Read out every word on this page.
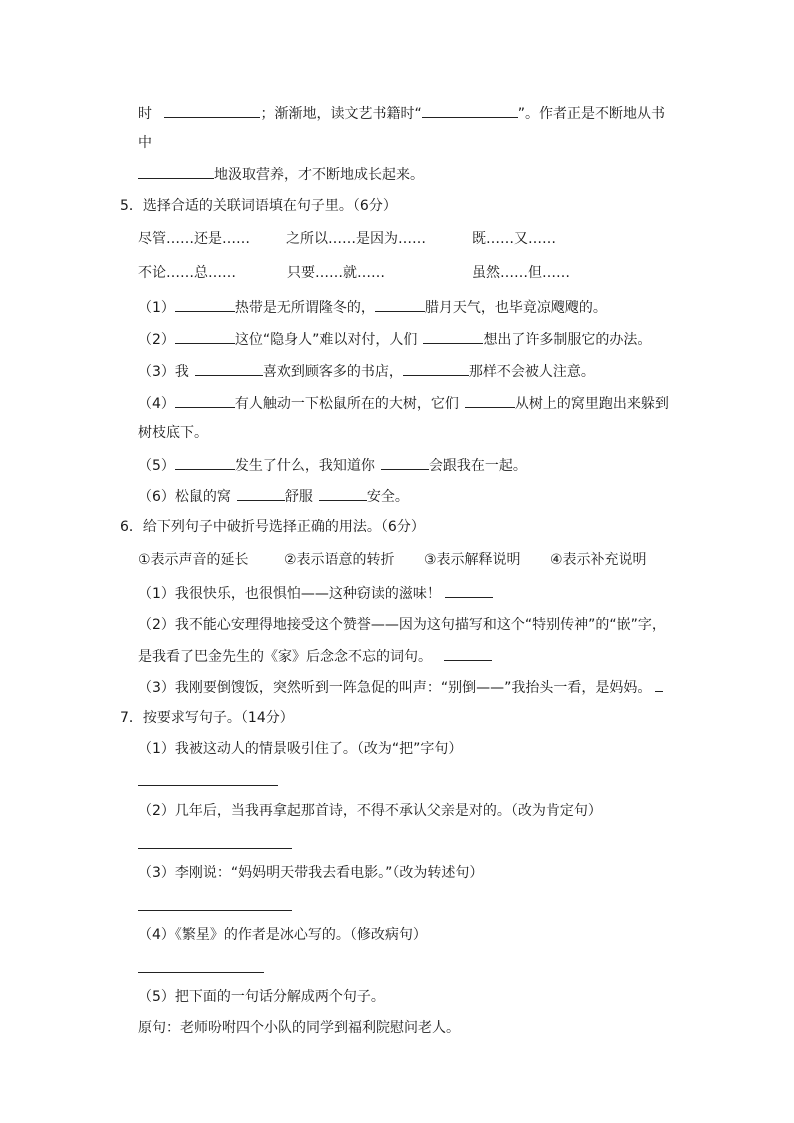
时	；渐渐地，读文艺书籍时“	”。作者正是不断地从书
中
地汲取营养，才不断地成长起来。
5．选择合适的关联词语填在句子里。（6分）
尽管……还是……	之所以……是因为……	既……又……
不论……总……	只要……就……	虽然……但……
（1）	热带是无所谓隆冬的，	腊月天气，也毕竟凉飕飕的。
（2）	这位“隐身人”难以对付，人们	想出了许多制服它的办法。
（3）我	喜欢到顾客多的书店，	那样不会被人注意。
（4）	有人触动一下松鼠所在的大树，它们	从树上的窝里跑出来躲到
树枝底下。
（5）	发生了什么，我知道你	会跟我在一起。
（6）松鼠的窝	舒服	安全。
6．给下列句子中破折号选择正确的用法。（6分）
①表示声音的延长	②表示语意的转折 ③表示解释说明 ④表示补充说明
（1）我很快乐，也很惧怕——这种窃读的滋味！
（2）我不能心安理得地接受这个赞誉——因为这句描写和这个“特别传神”的“嵌”字，
是我看了巴金先生的《家》后念念不忘的词句。
（3）我刚要倒馊饭，突然听到一阵急促的叫声：“别倒——”我抬头一看，是妈妈。
7．按要求写句子。（14分）
（1）我被这动人的情景吸引住了。（改为“把”字句）
（2）几年后，当我再拿起那首诗，不得不承认父亲是对的。（改为肯定句）
（3）李刚说：“妈妈明天带我去看电影。”（改为转述句）
（4）《繁星》的作者是冰心写的。（修改病句）
（5）把下面的一句话分解成两个句子。
原句：老师吩咐四个小队的同学到福利院慰问老人。
